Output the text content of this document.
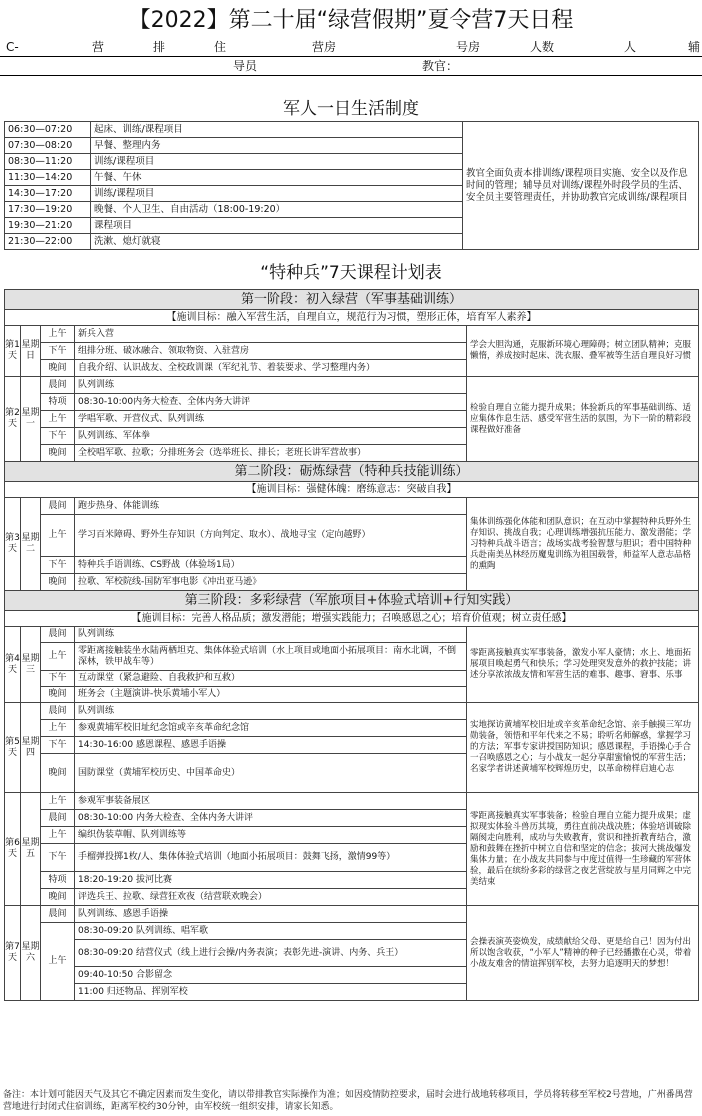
【2022】第二十届“绿营假期”夏令营7天日程
C-	营	排	住	营房	号房	人数	人	辅
导员	教官：
军人一日生活制度
06:30—07:20	起床、训练/课程项目	教官全面负责本排训练/课程项目实施、安全以及作息时间的管理；辅导员对训练/课程外时段学员的生活、安全员主要管理责任，并协助教官完成训练/课程项目
07:30—08:20	早餐、整理内务	
08:30—11:20	训练/课程项目	
11:30—14:20	午餐、午休	
14:30—17:20	训练/课程项目	
17:30—19:20	晚餐、个人卫生、自由活动（18:00-19:20）	
19:30—21:20	课程项目	
21:30—22:00	洗漱、熄灯就寝	
“特种兵”7天课程计划表
第一阶段：初入绿营（军事基础训练）				
【施训目标：融入军营生活，自理自立，规范行为习惯，塑形正体，培育军人素养】				
第1天	星期日	上午	新兵入营	学会大胆沟通，克服新环境心理障碍；树立团队精神；克服懒惰，养成按时起床、洗衣服、叠军被等生活自理良好习惯
		下午	组排分班、破冰融合、领取物资、入驻营房	
		晚间	自我介绍、认识战友、全校政训课（军纪礼节、着装要求、学习整理内务）	
第2天	星期一	晨间	队列训练	检验自理自立能力提升成果；体验新兵的军事基础训练、适应集体作息生活、感受军营生活的氛围，为下一阶的精彩段课程做好准备
		特项	08:30-10:00内务大检查、全体内务大讲评	
		上午	学唱军歌、开营仪式、队列训练	
		下午	队列训练、军体拳	
		晚间	全校唱军歌、拉歌；分排班务会（选举班长、排长；老班长讲军营故事）	
第二阶段：砺炼绿营（特种兵技能训练）				
【施训目标：强健体魄：磨练意志：突破自我】				
第3天	星期二	晨间	跑步热身、体能训练	集体训练强化体能和团队意识；在互动中掌握特种兵野外生存知识、挑战自我；心理训练增强抗压能力、激发潜能；学习特种兵战斗语言；战场实战考验智慧与胆识；看中国特种兵赴南美丛林经历魔鬼训练为祖国载誉，师益军人意志品格的熏陶
		上午	学习百米障碍、野外生存知识（方向判定、取水）、战地寻宝（定向越野）	
		下午	特种兵手语训练、CS野战（体验场1局）	
		晚间	拉歌、军校院线-国防军事电影《冲出亚马逊》	
第三阶段：多彩绿营（军旅项目+体验式培训+行知实践）				
【施训目标：完善人格品质；激发潜能；增强实践能力；召唤感恩之心；培育价值观；树立责任感】				
第4天	星期三	晨间	队列训练	零距离接触真实军事装备，激发小军人豪情；水上、地面拓展项目唤起勇气和快乐；学习处理突发意外的救护技能；讲述分享浓浓战友情和军营生活的难事、趣事、窘事、乐事
		上午	零距离接触装坐水陆两栖坦克、集体体验式培训（水上项目或地面小拓展项目：南水北调，不倒深林，铁甲战车等）	
		下午	互动课堂（紧急避险、自我救护和互救）	
		晚间	班务会（主题演讲-快乐黄埔小军人）	
第5天	星期四	晨间	队列训练	实地探访黄埔军校旧址或辛亥革命纪念馆、亲手触摸三军功勋装备，领悟和平年代来之不易；聆听名师解惑，掌握学习的方法；军事专家讲授国防知识；感恩课程，手语操心手合一召唤感恩之心；与小战友一起分享甜蜜愉悦的军营生活；名家学者讲述黄埔军校辉煌历史，以革命榜样启迪心志
		上午	参观黄埔军校旧址纪念馆或辛亥革命纪念馆	
		下午	14:30-16:00 感恩课程、感恩手语操	
		晚间	国防课堂（黄埔军校历史、中国革命史）	
第6天	星期五	上午	参观军事装备展区	零距离接触真实军事装备；检验自理自立能力提升成果；虚拟现实体验斗兽历其境，勇往直前决战决胜；体验培训破除隔阂走向胜利，成功与失败教育，赏识和挫折教育结合，激励和鼓舞在挫折中树立自信和坚定的信念；拔河大挑战爆发集体力量；在小战友共同参与中度过值得一生珍藏的军营体验，最后在缤纷多彩的绿营之夜艺营绽放与星月同辉之中完美结束
		晨间	08:30-10:00 内务大检查、全体内务大讲评	
		上午	编织伪装草帽、队列训练等	
		下午	手榴弹投掷1枚/人、集体体验式培训（地面小拓展项目：鼓舞飞扬，激情99等）	
		特项	18:20-19:20 拔河比赛	
		晚间	评选兵王、拉歌、绿营狂欢夜（结营联欢晚会）	
第7天	星期六	晨间	队列训练、感恩手语操	会操表演英姿焕发，成绩献给父母、更是给自己！因为付出所以饱含收获，“小军人”精神的种子已经播撒在心灵，带着小战友难舍的情谊挥别军校，去努力追逐明天的梦想！
		上午	08:30-09:20 队列训练、唱军歌	
			08:30-09:20 结营仪式（线上进行会操/内务表演；表彰先进-演讲、内务、兵王）	
			09:40-10:50 合影留念	
			11:00 归还物品、挥别军校	
备注：本计划可能因天气及其它不确定因素而发生变化，请以带排教官实际操作为准；如因疫情防控要求，届时会进行战地转移项目，学员将转移至军校2号营地，广州番禺营营地进行封闭式住宿训练，距离军校约30分钟，由军校统一组织安排，请家长知悉。
